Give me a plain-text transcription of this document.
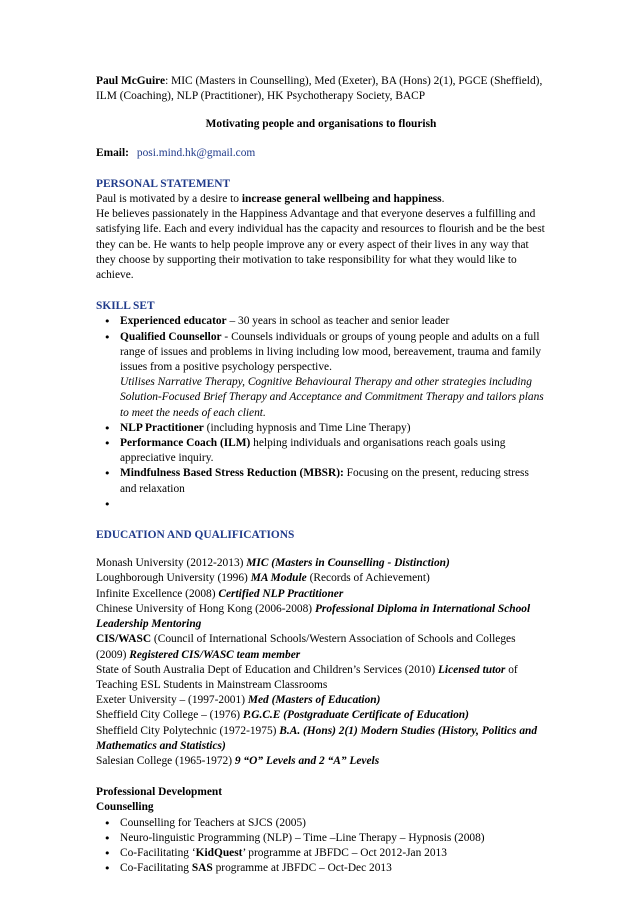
Paul McGuire: MIC (Masters in Counselling), Med (Exeter), BA (Hons) 2(1), PGCE (Sheffield), ILM (Coaching), NLP (Practitioner), HK Psychotherapy Society, BACP

Motivating people and organisations to flourish

Email: posi.mind.hk@gmail.com

PERSONAL STATEMENT

Paul is motivated by a desire to increase general wellbeing and happiness.

He believes passionately in the Happiness Advantage and that everyone deserves a fulfilling and satisfying life. Each and every individual has the capacity and resources to flourish and be the best they can be. He wants to help people improve any or every aspect of their lives in any way that they choose by supporting their motivation to take responsibility for what they would like to achieve.

SKILL SET

• Experienced educator – 30 years in school as teacher and senior leader
• Qualified Counsellor - Counsels individuals or groups of young people and adults on a full range of issues and problems in living including low mood, bereavement, trauma and family issues from a positive psychology perspective.
Utilises Narrative Therapy, Cognitive Behavioural Therapy and other strategies including Solution-Focused Brief Therapy and Acceptance and Commitment Therapy and tailors plans to meet the needs of each client.
• NLP Practitioner (including hypnosis and Time Line Therapy)
• Performance Coach (ILM) helping individuals and organisations reach goals using appreciative inquiry.
• Mindfulness Based Stress Reduction (MBSR): Focusing on the present, reducing stress and relaxation
•

EDUCATION AND QUALIFICATIONS

Monash University (2012-2013) MIC (Masters in Counselling - Distinction)

Loughborough University (1996) MA Module (Records of Achievement)

Infinite Excellence (2008) Certified NLP Practitioner

Chinese University of Hong Kong (2006-2008) Professional Diploma in International School Leadership Mentoring

CIS/WASC (Council of International Schools/Western Association of Schools and Colleges (2009) Registered CIS/WASC team member

State of South Australia Dept of Education and Children’s Services (2010) Licensed tutor of Teaching ESL Students in Mainstream Classrooms

Exeter University – (1997-2001) Med (Masters of Education)

Sheffield City College – (1976) P.G.C.E (Postgraduate Certificate of Education)

Sheffield City Polytechnic (1972-1975) B.A. (Hons) 2(1) Modern Studies (History, Politics and Mathematics and Statistics)

Salesian College (1965-1972) 9 “O” Levels and 2 “A” Levels

Professional Development

Counselling

• Counselling for Teachers at SJCS (2005)
• Neuro-linguistic Programming (NLP) – Time –Line Therapy – Hypnosis (2008)
• Co-Facilitating ‘KidQuest’ programme at JBFDC – Oct 2012-Jan 2013
• Co-Facilitating SAS programme at JBFDC – Oct-Dec 2013
